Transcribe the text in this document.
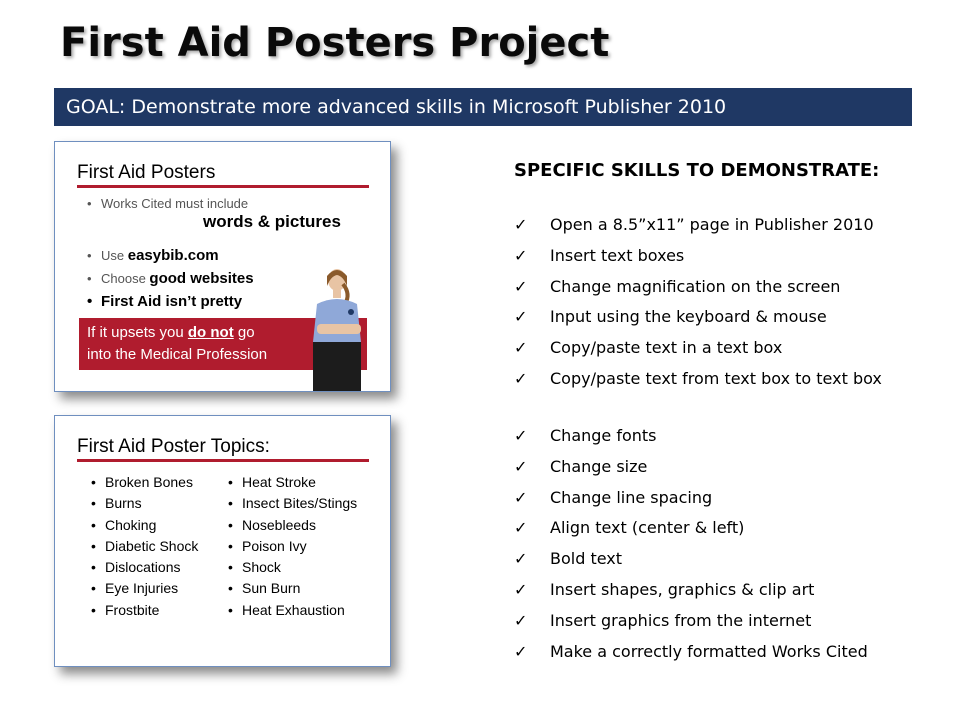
First Aid Posters Project
GOAL: Demonstrate more advanced skills in Microsoft Publisher 2010
First Aid Posters
• Works Cited must include
words & pictures
• Use easybib.com
• Choose good websites
• First Aid isn’t pretty
If it upsets you do not go
into the Medical Profession
First Aid Poster Topics:
• Broken Bones
• Burns
• Choking
• Diabetic Shock
• Dislocations
• Eye Injuries
• Frostbite
• Heat Stroke
• Insect Bites/Stings
• Nosebleeds
• Poison Ivy
• Shock
• Sun Burn
• Heat Exhaustion
SPECIFIC SKILLS TO DEMONSTRATE:
✓ Open a 8.5”x11” page in Publisher 2010
✓ Insert text boxes
✓ Change magnification on the screen
✓ Input using the keyboard & mouse
✓ Copy/paste text in a text box
✓ Copy/paste text from text box to text box
✓ Change fonts
✓ Change size
✓ Change line spacing
✓ Align text (center & left)
✓ Bold text
✓ Insert shapes, graphics & clip art
✓ Insert graphics from the internet
✓ Make a correctly formatted Works Cited
